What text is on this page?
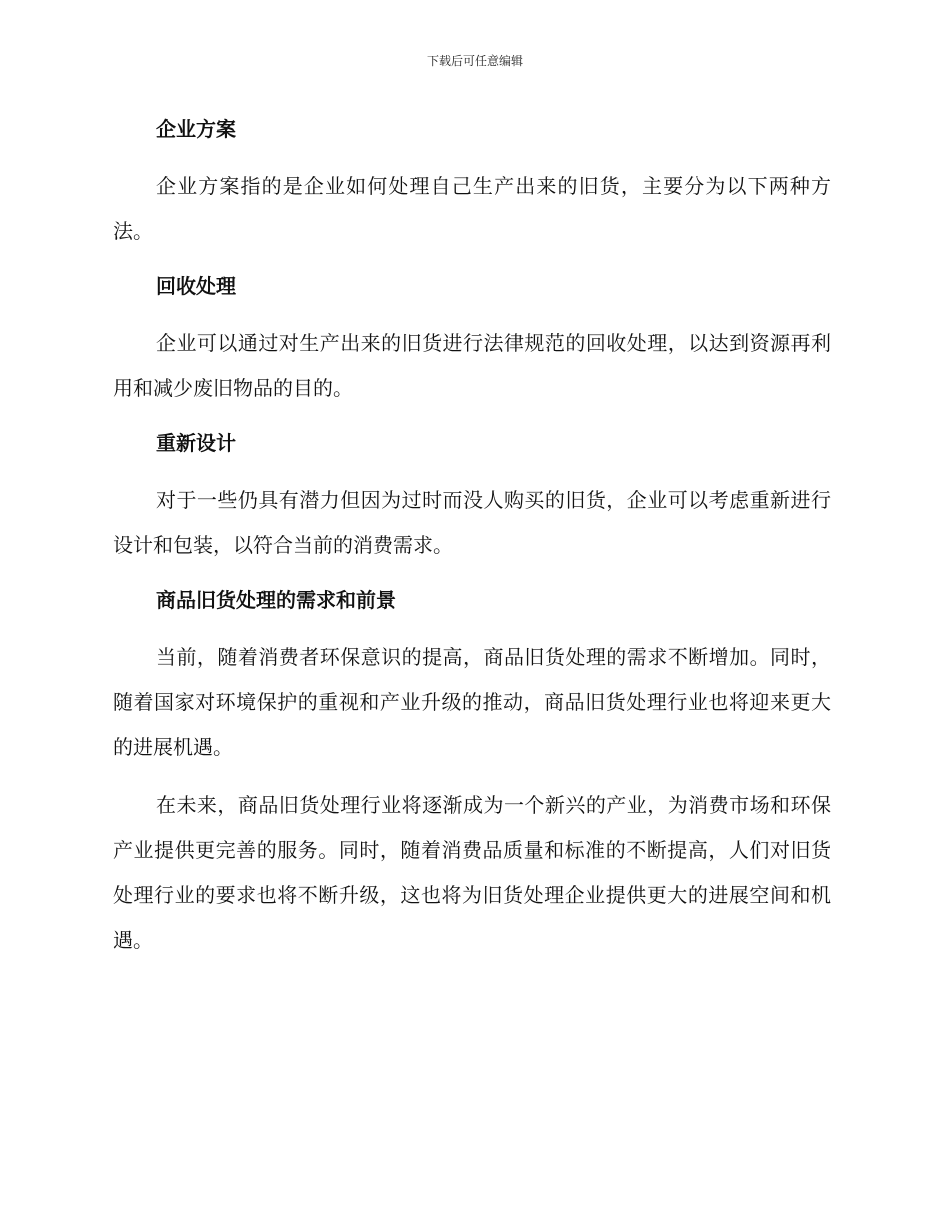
下载后可任意编辑
企业方案

企业方案指的是企业如何处理自己生产出来的旧货，主要分为以下两种方法。

回收处理

企业可以通过对生产出来的旧货进行法律规范的回收处理，以达到资源再利用和减少废旧物品的目的。

重新设计

对于一些仍具有潜力但因为过时而没人购买的旧货，企业可以考虑重新进行设计和包装，以符合当前的消费需求。

商品旧货处理的需求和前景

当前，随着消费者环保意识的提高，商品旧货处理的需求不断增加。同时，随着国家对环境保护的重视和产业升级的推动，商品旧货处理行业也将迎来更大的进展机遇。

在未来，商品旧货处理行业将逐渐成为一个新兴的产业，为消费市场和环保产业提供更完善的服务。同时，随着消费品质量和标准的不断提高，人们对旧货处理行业的要求也将不断升级，这也将为旧货处理企业提供更大的进展空间和机遇。
